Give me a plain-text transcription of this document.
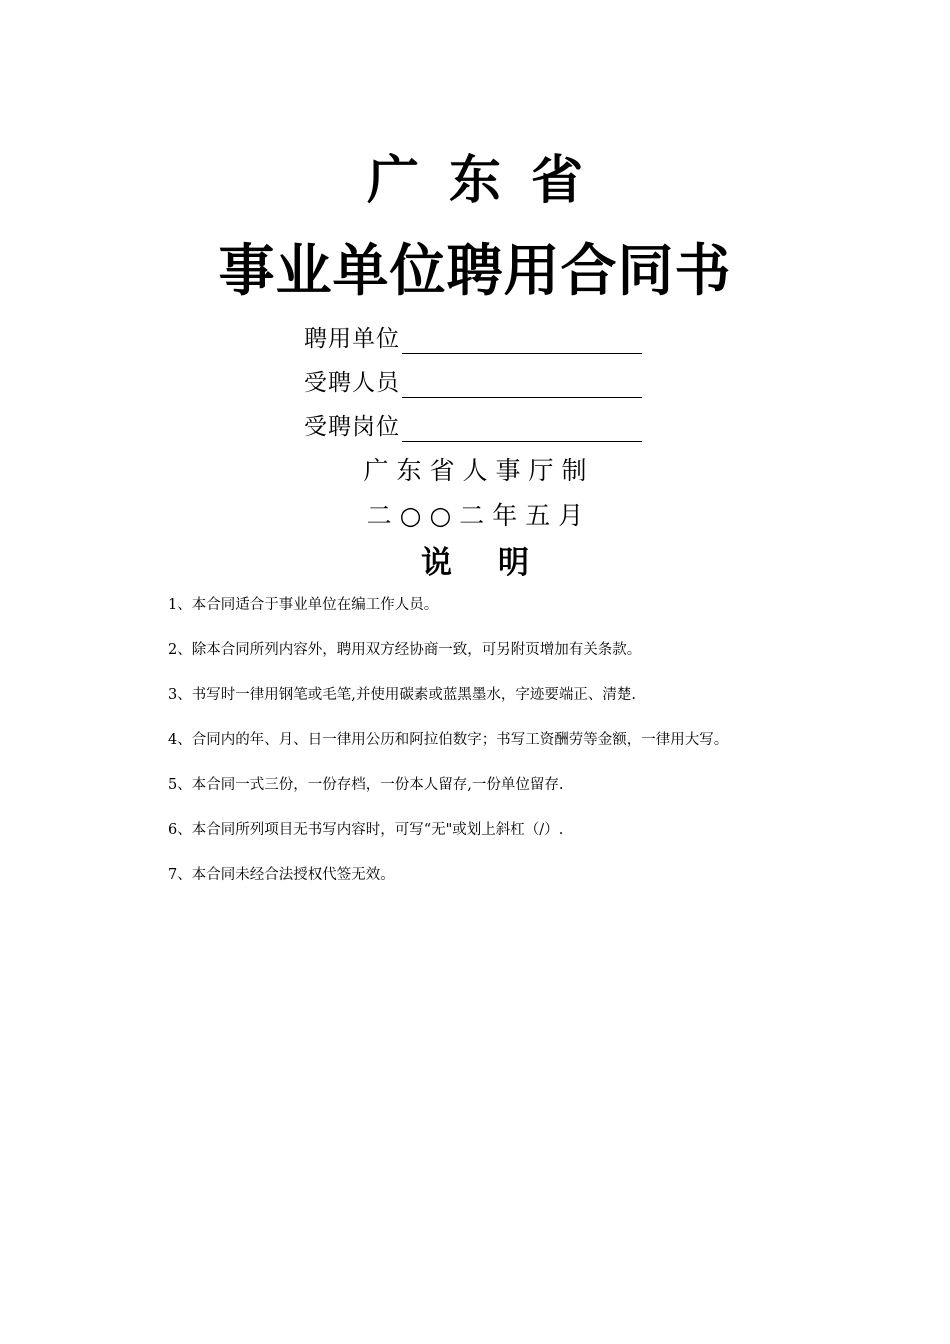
广东省
事业单位聘用合同书
聘用单位
受聘人员
受聘岗位
广东省人事厅制
二○○二年五月
说明
1、本合同适合于事业单位在编工作人员。
2、除本合同所列内容外，聘用双方经协商一致，可另附页增加有关条款。
3、书写时一律用钢笔或毛笔,并使用碳素或蓝黑墨水，字迹要端正、清楚.
4、合同内的年、月、日一律用公历和阿拉伯数字；书写工资酬劳等金额，一律用大写。
5、本合同一式三份，一份存档，一份本人留存,一份单位留存.
6、本合同所列项目无书写内容时，可写“无"或划上斜杠（/）.
7、本合同未经合法授权代签无效。
